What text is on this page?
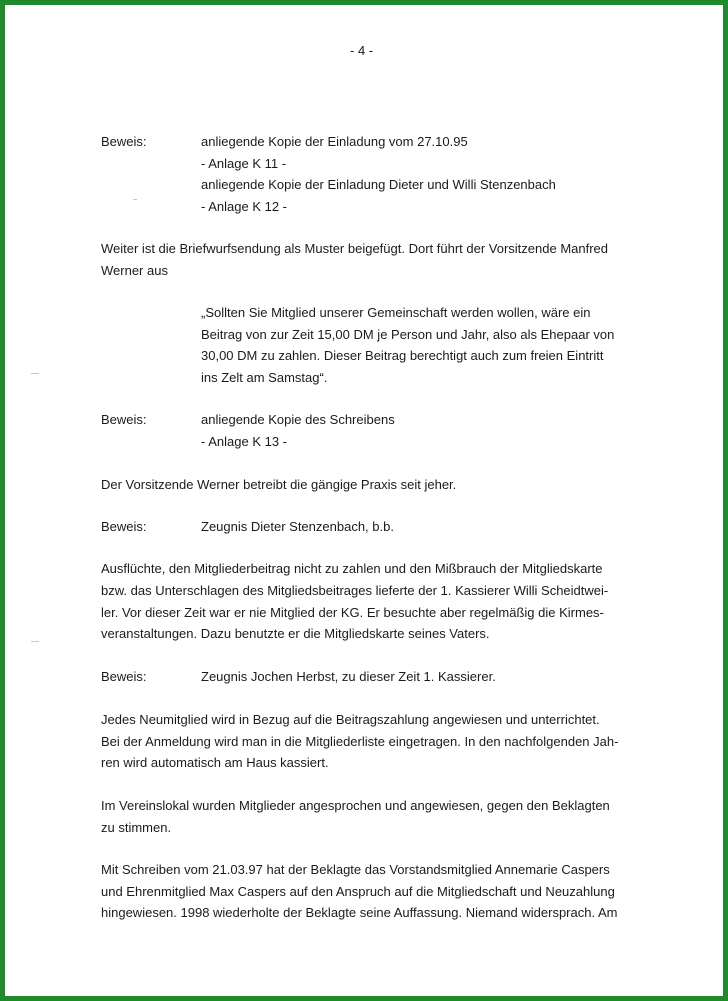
- 4 -
Beweis:	anliegende Kopie der Einladung vom 27.10.95
- Anlage K 11 -
anliegende Kopie der Einladung Dieter und Willi Stenzenbach
- Anlage K 12 -
Weiter ist die Briefwurfsendung als Muster beigefügt. Dort führt der Vorsitzende Manfred
Werner aus
„Sollten Sie Mitglied unserer Gemeinschaft werden wollen, wäre ein
Beitrag von zur Zeit 15,00 DM je Person und Jahr, also als Ehepaar von
30,00 DM zu zahlen. Dieser Beitrag berechtigt auch zum freien Eintritt
ins Zelt am Samstag“.
Beweis:	anliegende Kopie des Schreibens
- Anlage K 13 -
Der Vorsitzende Werner betreibt die gängige Praxis seit jeher.
Beweis:	Zeugnis Dieter Stenzenbach, b.b.
Ausflüchte, den Mitgliederbeitrag nicht zu zahlen und den Mißbrauch der Mitgliedskarte
bzw. das Unterschlagen des Mitgliedsbeitrages lieferte der 1. Kassierer Willi Scheidtwei-
ler. Vor dieser Zeit war er nie Mitglied der KG. Er besuchte aber regelmäßig die Kirmes-
veranstaltungen. Dazu benutzte er die Mitgliedskarte seines Vaters.
Beweis:	Zeugnis Jochen Herbst, zu dieser Zeit 1. Kassierer.
Jedes Neumitglied wird in Bezug auf die Beitragszahlung angewiesen und unterrichtet.
Bei der Anmeldung wird man in die Mitgliederliste eingetragen. In den nachfolgenden Jah-
ren wird automatisch am Haus kassiert.
Im Vereinslokal wurden Mitglieder angesprochen und angewiesen, gegen den Beklagten
zu stimmen.
Mit Schreiben vom 21.03.97 hat der Beklagte das Vorstandsmitglied Annemarie Caspers
und Ehrenmitglied Max Caspers auf den Anspruch auf die Mitgliedschaft und Neuzahlung
hingewiesen. 1998 wiederholte der Beklagte seine Auffassung. Niemand widersprach. Am
